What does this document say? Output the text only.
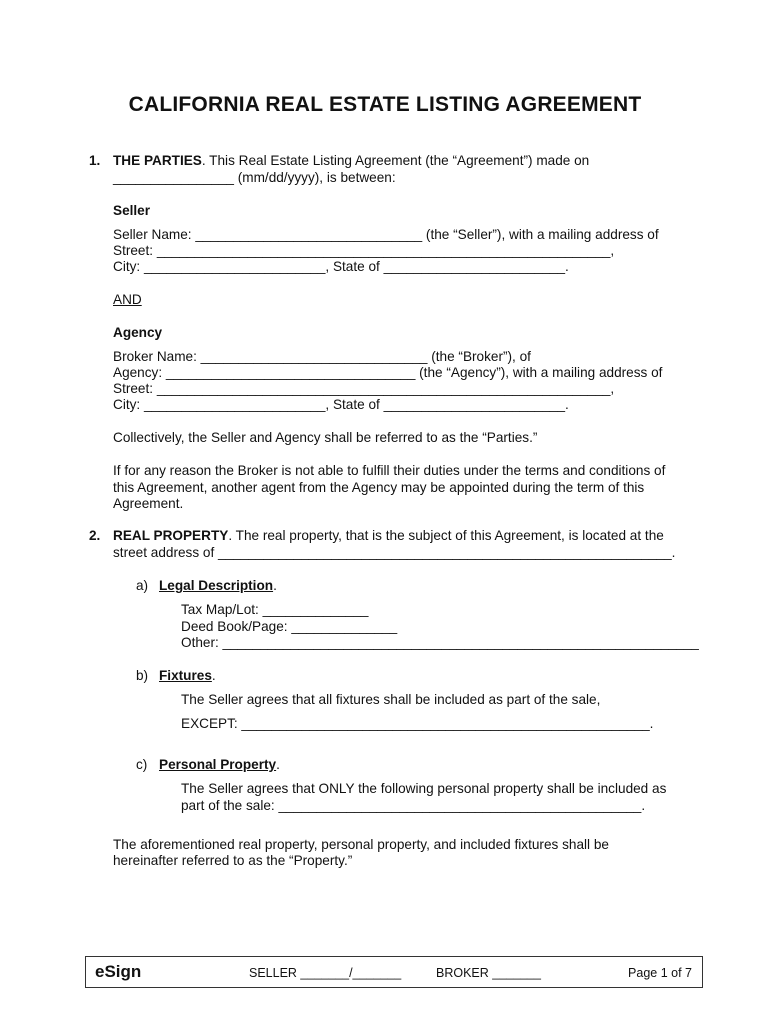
CALIFORNIA REAL ESTATE LISTING AGREEMENT
1. THE PARTIES. This Real Estate Listing Agreement (the “Agreement”) made on
________________ (mm/dd/yyyy), is between:
Seller
Seller Name: ______________________________ (the “Seller”), with a mailing address of
Street: ____________________________________________________________,
City: ________________________, State of ________________________.
AND
Agency
Broker Name: ______________________________ (the “Broker”), of
Agency: _________________________________ (the “Agency”), with a mailing address of
Street: ____________________________________________________________,
City: ________________________, State of ________________________.
Collectively, the Seller and Agency shall be referred to as the “Parties.”
If for any reason the Broker is not able to fulfill their duties under the terms and conditions of
this Agreement, another agent from the Agency may be appointed during the term of this
Agreement.
2. REAL PROPERTY. The real property, that is the subject of this Agreement, is located at the
street address of ____________________________________________________________.
a) Legal Description.
Tax Map/Lot: ______________
Deed Book/Page: ______________
Other: _______________________________________________________________
b) Fixtures.
The Seller agrees that all fixtures shall be included as part of the sale,
EXCEPT: ______________________________________________________.
c) Personal Property.
The Seller agrees that ONLY the following personal property shall be included as
part of the sale: ________________________________________________.
The aforementioned real property, personal property, and included fixtures shall be
hereinafter referred to as the “Property.”
eSign	SELLER _______/_______	BROKER _______	Page 1 of 7
